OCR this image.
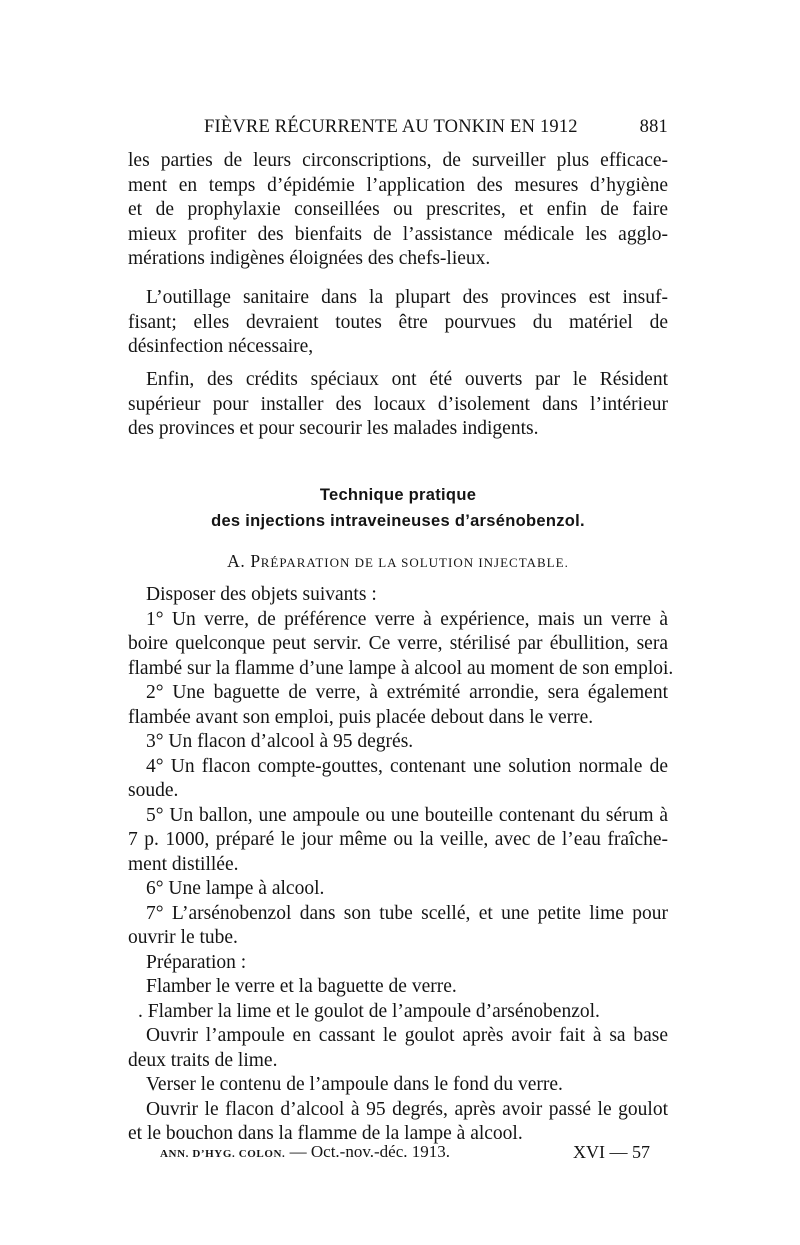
FIÈVRE RÉCURRENTE AU TONKIN EN 1912	881
les parties de leurs circonscriptions, de surveiller plus efficace-
ment en temps d’épidémie l’application des mesures d’hygiène
et de prophylaxie conseillées ou prescrites, et enfin de faire
mieux profiter des bienfaits de l’assistance médicale les agglo-
mérations indigènes éloignées des chefs-lieux.
L’outillage sanitaire dans la plupart des provinces est insuf-
fisant; elles devraient toutes être pourvues du matériel de
désinfection nécessaire,
Enfin, des crédits spéciaux ont été ouverts par le Résident
supérieur pour installer des locaux d’isolement dans l’intérieur
des provinces et pour secourir les malades indigents.
Technique pratique
des injections intraveineuses d’arsénobenzol.
A. PRÉPARATION DE LA SOLUTION INJECTABLE.
Disposer des objets suivants :
1° Un verre, de préférence verre à expérience, mais un verre à
boire quelconque peut servir. Ce verre, stérilisé par ébullition, sera
flambé sur la flamme d’une lampe à alcool au moment de son emploi.
2° Une baguette de verre, à extrémité arrondie, sera également
flambée avant son emploi, puis placée debout dans le verre.
3° Un flacon d’alcool à 95 degrés.
4° Un flacon compte-gouttes, contenant une solution normale de
soude.
5° Un ballon, une ampoule ou une bouteille contenant du sérum à
7 p. 1000, préparé le jour même ou la veille, avec de l’eau fraîche-
ment distillée.
6° Une lampe à alcool.
7° L’arsénobenzol dans son tube scellé, et une petite lime pour
ouvrir le tube.
Préparation :
Flamber le verre et la baguette de verre.
. Flamber la lime et le goulot de l’ampoule d’arsénobenzol.
Ouvrir l’ampoule en cassant le goulot après avoir fait à sa base
deux traits de lime.
Verser le contenu de l’ampoule dans le fond du verre.
Ouvrir le flacon d’alcool à 95 degrés, après avoir passé le goulot
et le bouchon dans la flamme de la lampe à alcool.
ANN. D’HYG. COLON. — Oct.-nov.-déc. 1913.	XVI — 57
